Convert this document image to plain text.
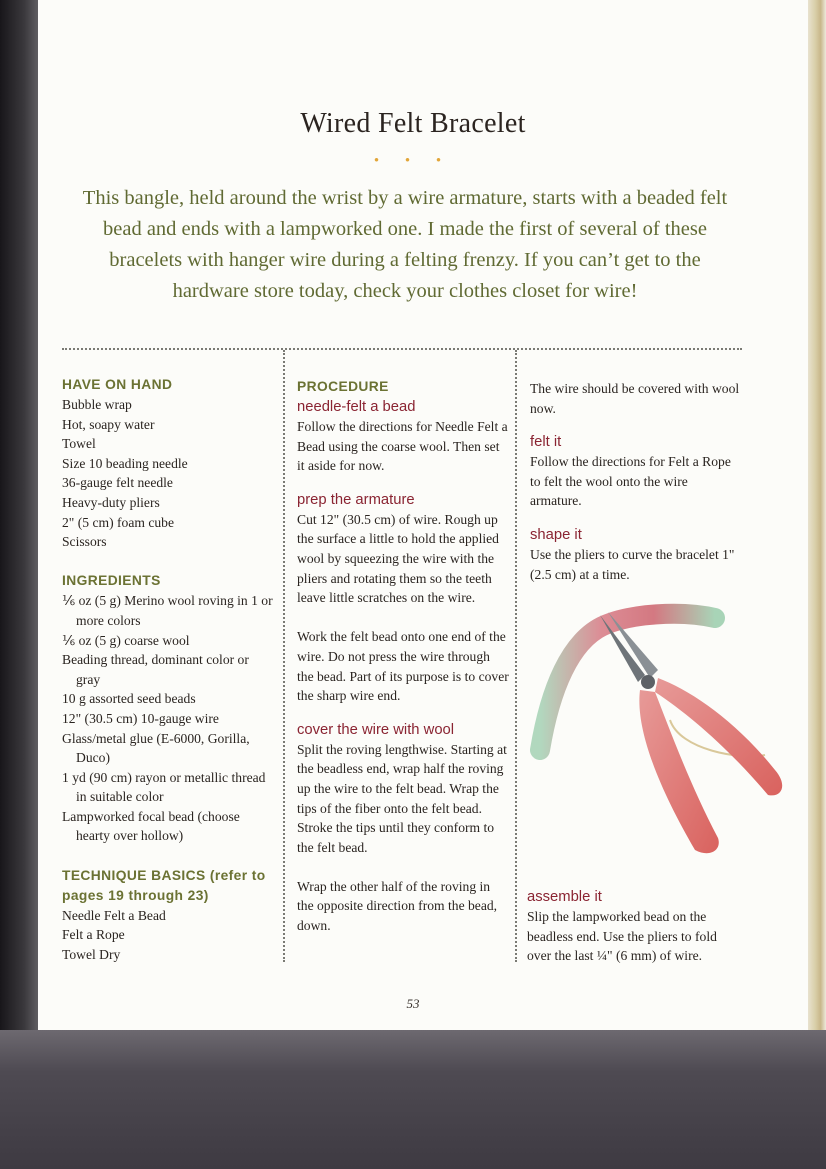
Wired Felt Bracelet
• • •
This bangle, held around the wrist by a wire armature, starts with a beaded felt bead and ends with a lampworked one. I made the first of several of these bracelets with hanger wire during a felting frenzy. If you can’t get to the hardware store today, check your clothes closet for wire!

HAVE ON HAND

Bubble wrap

Hot, soapy water

Towel

Size 10 beading needle

36-gauge felt needle

Heavy-duty pliers

2" (5 cm) foam cube

Scissors

INGREDIENTS

⅙ oz (5 g) Merino wool roving in 1 or more colors

⅙ oz (5 g) coarse wool

Beading thread, dominant color or gray

10 g assorted seed beads

12" (30.5 cm) 10-gauge wire

Glass/metal glue (E-6000, Gorilla, Duco)

1 yd (90 cm) rayon or metallic thread in suitable color

Lampworked focal bead (choose hearty over hollow)

TECHNIQUE BASICS (refer to pages 19 through 23)

Needle Felt a Bead

Felt a Rope

Towel Dry

PROCEDURE

needle-felt a bead

Follow the directions for Needle Felt a Bead using the coarse wool. Then set it aside for now.

prep the armature

Cut 12" (30.5 cm) of wire. Rough up the surface a little to hold the applied wool by squeezing the wire with the pliers and rotating them so the teeth leave little scratches on the wire.

Work the felt bead onto one end of the wire. Do not press the wire through the bead. Part of its purpose is to cover the sharp wire end.

cover the wire with wool

Split the roving lengthwise. Starting at the beadless end, wrap half the roving up the wire to the felt bead. Wrap the tips of the fiber onto the felt bead. Stroke the tips until they conform to the felt bead.

Wrap the other half of the roving in the opposite direction from the bead, down.

The wire should be covered with wool now.

felt it

Follow the directions for Felt a Rope to felt the wool onto the wire armature.

shape it

Use the pliers to curve the bracelet 1" (2.5 cm) at a time.

assemble it

Slip the lampworked bead on the beadless end. Use the pliers to fold over the last ¼" (6 mm) of wire.

53
